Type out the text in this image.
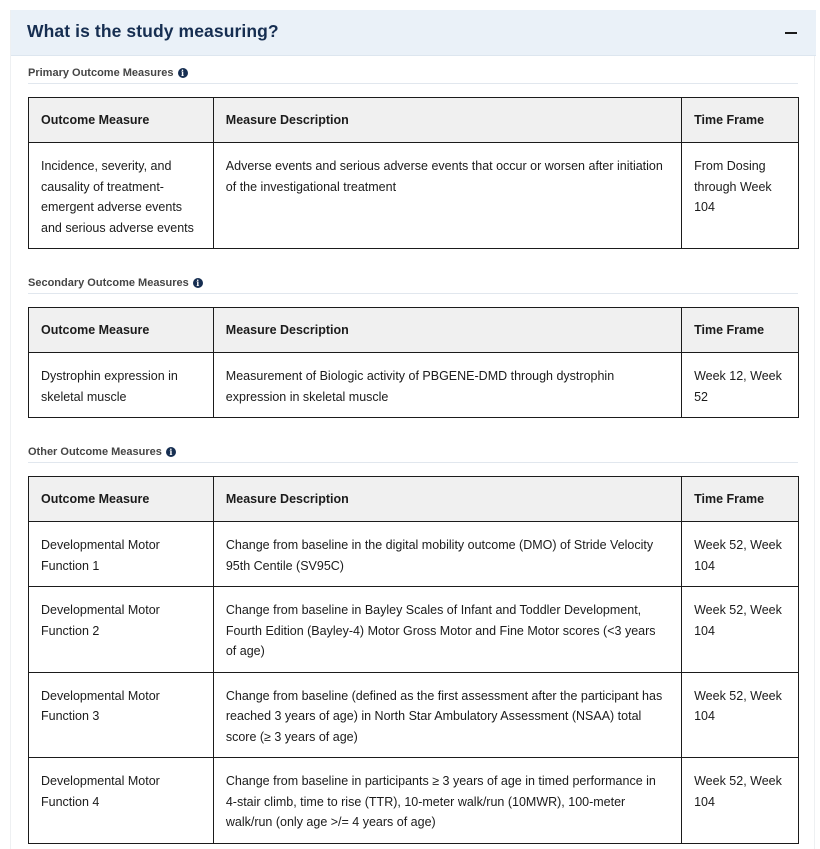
What is the study measuring?
Primary Outcome Measures i
Outcome Measure	Measure Description	Time Frame
Incidence, severity, and causality of treatment-emergent adverse events and serious adverse events	Adverse events and serious adverse events that occur or worsen after initiation of the investigational treatment	From Dosing through Week 104
Secondary Outcome Measures i
Outcome Measure	Measure Description	Time Frame
Dystrophin expression in skeletal muscle	Measurement of Biologic activity of PBGENE-DMD through dystrophin expression in skeletal muscle	Week 12, Week 52
Other Outcome Measures i
Outcome Measure	Measure Description	Time Frame
Developmental Motor Function 1	Change from baseline in the digital mobility outcome (DMO) of Stride Velocity 95th Centile (SV95C)	Week 52, Week 104
Developmental Motor Function 2	Change from baseline in Bayley Scales of Infant and Toddler Development, Fourth Edition (Bayley-4) Motor Gross Motor and Fine Motor scores (<3 years of age)	Week 52, Week 104
Developmental Motor Function 3	Change from baseline (defined as the first assessment after the participant has reached 3 years of age) in North Star Ambulatory Assessment (NSAA) total score (≥ 3 years of age)	Week 52, Week 104
Developmental Motor Function 4	Change from baseline in participants ≥ 3 years of age in timed performance in 4-stair climb, time to rise (TTR), 10-meter walk/run (10MWR), 100-meter walk/run (only age >/= 4 years of age)	Week 52, Week 104
